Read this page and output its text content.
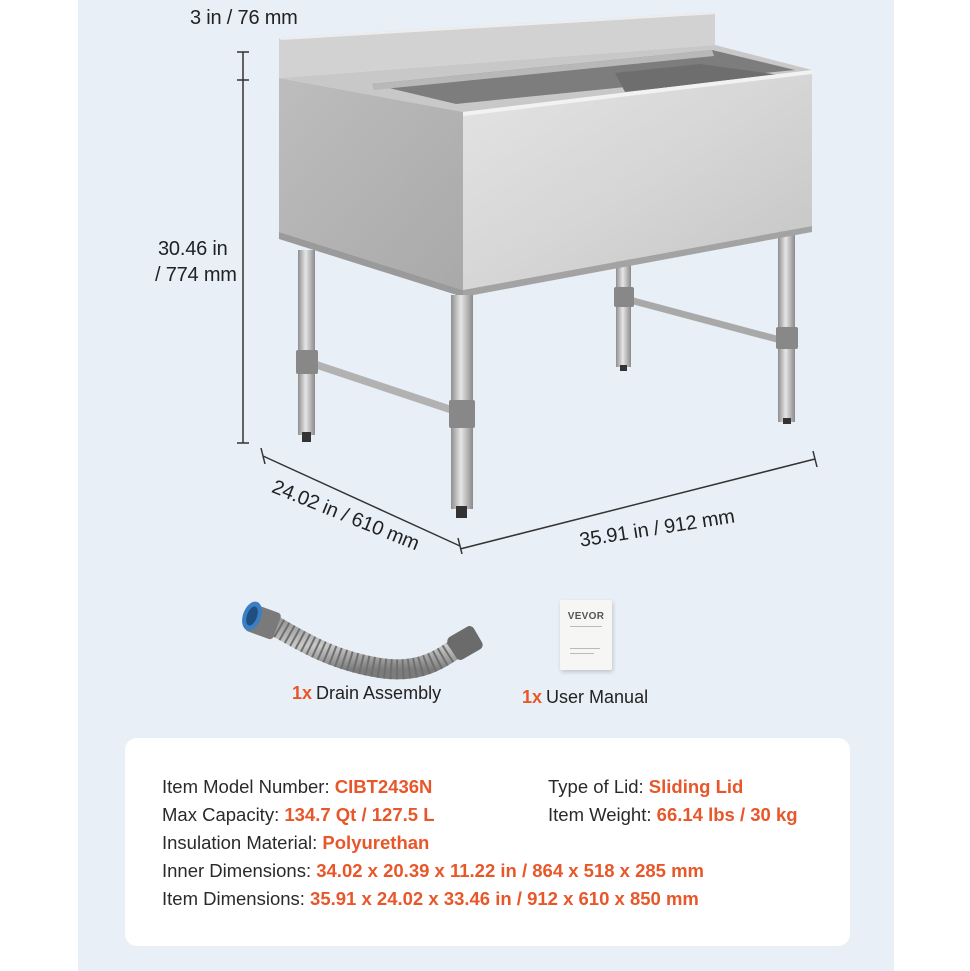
3 in / 76 mm
30.46 in
/ 774 mm
24.02 in / 610 mm	35.91 in / 912 mm
VEVOR
1x Drain Assembly	1x User Manual
Item Model Number: CIBT2436N	Type of Lid: Sliding Lid
Max Capacity: 134.7 Qt / 127.5 L	Item Weight: 66.14 lbs / 30 kg
Insulation Material: Polyurethan
Inner Dimensions: 34.02 x 20.39 x 11.22 in / 864 x 518 x 285 mm
Item Dimensions: 35.91 x 24.02 x 33.46 in / 912 x 610 x 850 mm
